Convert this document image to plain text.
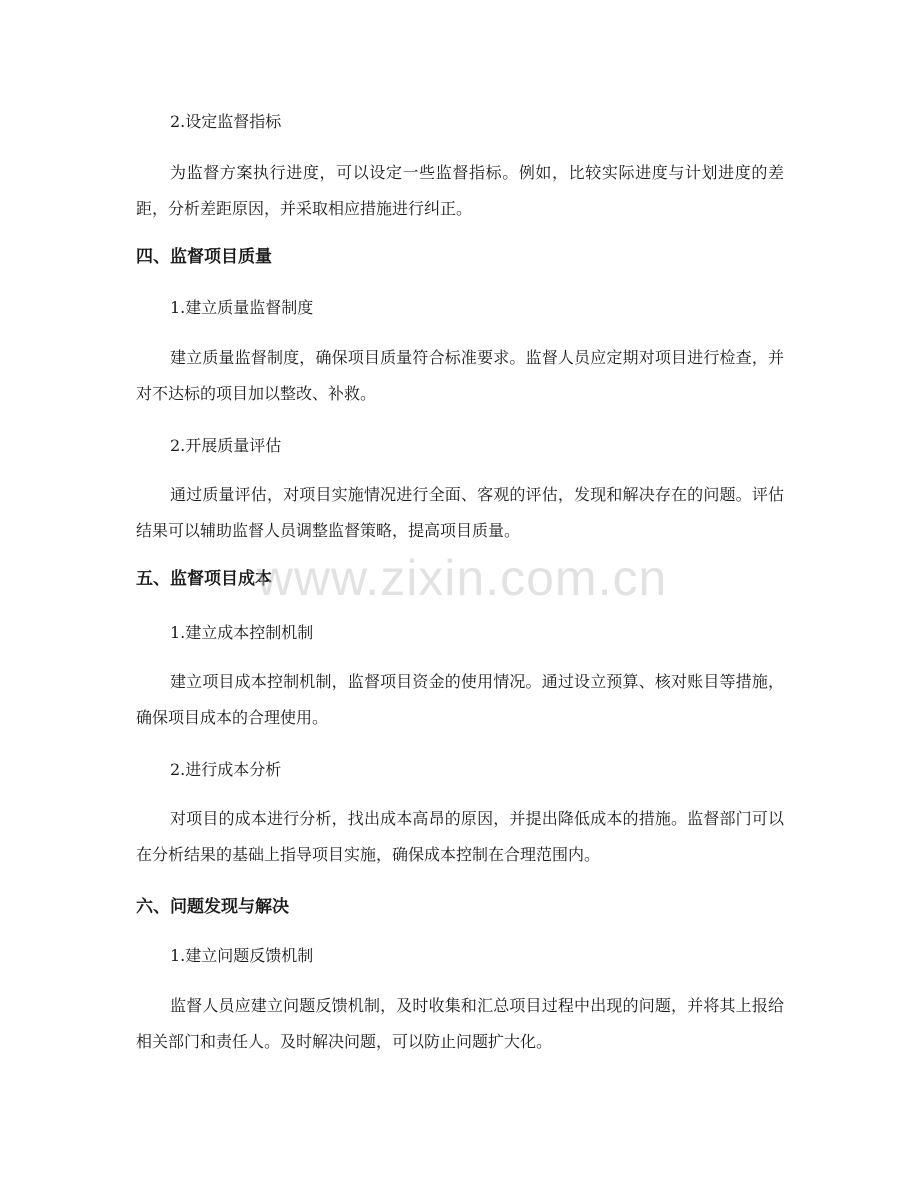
2.设定监督指标

为监督方案执行进度，可以设定一些监督指标。例如，比较实际进度与计划进度的差距，分析差距原因，并采取相应措施进行纠正。

四、监督项目质量

1.建立质量监督制度

建立质量监督制度，确保项目质量符合标准要求。监督人员应定期对项目进行检查，并对不达标的项目加以整改、补救。

2.开展质量评估

通过质量评估，对项目实施情况进行全面、客观的评估，发现和解决存在的问题。评估结果可以辅助监督人员调整监督策略，提高项目质量。

五、监督项目成本

1.建立成本控制机制

建立项目成本控制机制，监督项目资金的使用情况。通过设立预算、核对账目等措施，确保项目成本的合理使用。

2.进行成本分析

对项目的成本进行分析，找出成本高昂的原因，并提出降低成本的措施。监督部门可以在分析结果的基础上指导项目实施，确保成本控制在合理范围内。

六、问题发现与解决

1.建立问题反馈机制

监督人员应建立问题反馈机制，及时收集和汇总项目过程中出现的问题，并将其上报给相关部门和责任人。及时解决问题，可以防止问题扩大化。

www.zixin.com.cn
